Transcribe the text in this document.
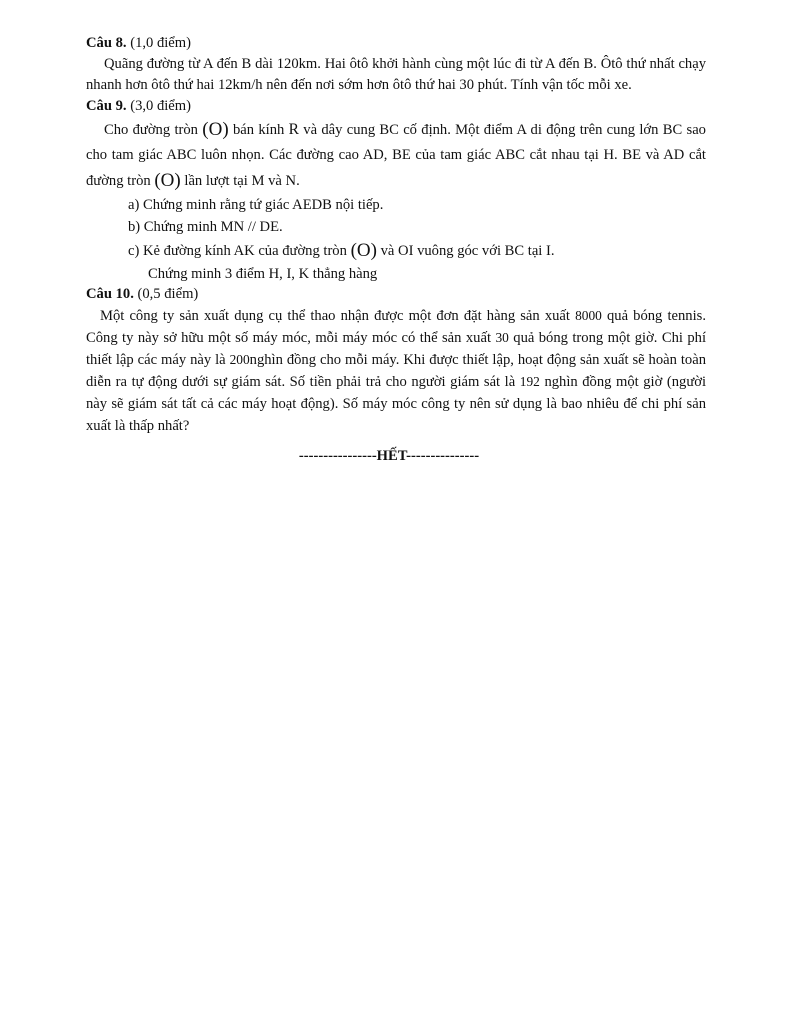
Câu 8. (1,0 điểm)

Quãng đường từ A đến B dài 120km. Hai ôtô khởi hành cùng một lúc đi từ A đến B. Ôtô thứ nhất chạy nhanh hơn ôtô thứ hai 12km/h nên đến nơi sớm hơn ôtô thứ hai 30 phút. Tính vận tốc mỗi xe.

Câu 9. (3,0 điểm)

Cho đường tròn (O) bán kính R và dây cung BC cố định. Một điểm A di động trên cung lớn BC sao cho tam giác ABC luôn nhọn. Các đường cao AD, BE của tam giác ABC cắt nhau tại H. BE và AD cắt đường tròn (O) lần lượt tại M và N.

a) Chứng minh rằng tứ giác AEDB nội tiếp.

b) Chứng minh MN // DE.

c) Kẻ đường kính AK của đường tròn (O) và OI vuông góc với BC tại I.

Chứng minh 3 điểm H, I, K thẳng hàng

Câu 10. (0,5 điểm)

Một công ty sản xuất dụng cụ thể thao nhận được một đơn đặt hàng sản xuất 8000 quả bóng tennis. Công ty này sở hữu một số máy móc, mỗi máy móc có thể sản xuất 30 quả bóng trong một giờ. Chi phí thiết lập các máy này là 200nghìn đồng cho mỗi máy. Khi được thiết lập, hoạt động sản xuất sẽ hoàn toàn diễn ra tự động dưới sự giám sát. Số tiền phải trả cho người giám sát là 192 nghìn đồng một giờ (người này sẽ giám sát tất cả các máy hoạt động). Số máy móc công ty nên sử dụng là bao nhiêu để chi phí sản xuất là thấp nhất?

----------------HẾT---------------
